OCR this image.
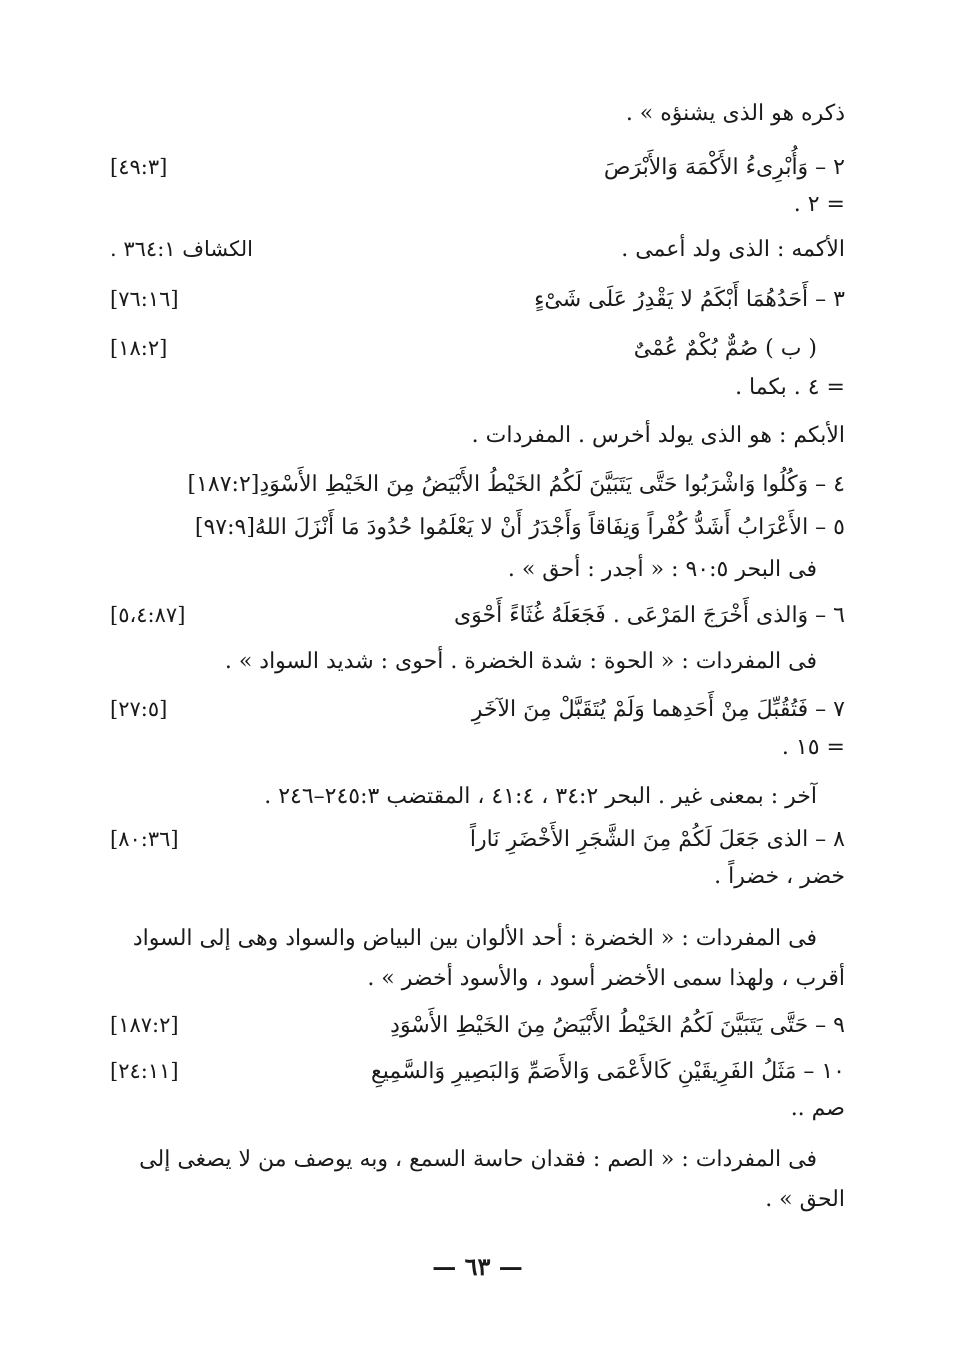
ذكره هو الذى يشنؤه » .
٢ – وَأُبْرِىءُ الأَكْمَهَ وَالأَبْرَصَ
[٤٩:٣]
= ٢ .
الأكمه : الذى ولد أعمى .
الكشاف ٣٦٤:١ .
٣ – أَحَدُهُمَا أَبْكَمُ لا يَقْدِرُ عَلَى شَىْءٍ
[٧٦:١٦]
( ب ) صُمٌّ بُكْمٌ عُمْىٌ
[١٨:٢]
= ٤ . بكما .
الأبكم : هو الذى يولد أخرس . المفردات .
٤ – وَكُلُوا وَاشْرَبُوا حَتَّى يَتَبَيَّنَ لَكُمُ الخَيْطُ الأَبْيَضُ مِنَ الخَيْطِ الأَسْوَدِ[١٨٧:٢]
٥ – الأَعْرَابُ أَشَدُّ كُفْراً وَنِفَاقاً وَأَجْدَرُ أَنْ لا يَعْلَمُوا حُدُودَ مَا أَنْزَلَ اللهُ[٩٧:٩]
فى البحر ٩٠:٥ : « أجدر : أحق » .
٦ – وَالذى أَخْرَجَ المَرْعَى . فَجَعَلَهُ غُثَاءً أَحْوَى
[٥،٤:٨٧]
فى المفردات : « الحوة : شدة الخضرة . أحوى : شديد السواد » .
٧ – فَتُقُبِّلَ مِنْ أَحَدِهما وَلَمْ يُتَقَبَّلْ مِنَ الآخَرِ
[٢٧:٥]
= ١٥ .
آخر : بمعنى غير . البحر ٣٤:٢ ، ٤١:٤ ، المقتضب ٢٤٥:٣–٢٤٦ .
٨ – الذى جَعَلَ لَكُمْ مِنَ الشَّجَرِ الأَخْضَرِ نَاراً
[٨٠:٣٦]
خضر ، خضراً .
فى المفردات : « الخضرة : أحد الألوان بين البياض والسواد وهى إلى السواد
أقرب ، ولهذا سمى الأخضر أسود ، والأسود أخضر » .
٩ – حَتَّى يَتَبَيَّنَ لَكُمُ الخَيْطُ الأَبْيَضُ مِنَ الخَيْطِ الأَسْوَدِ
[١٨٧:٢]
١٠ – مَثَلُ الفَرِيقَيْنِ كَالأَعْمَى وَالأَصَمِّ وَالبَصِيرِ وَالسَّمِيعِ
[٢٤:١١]
صم ..
فى المفردات : « الصم : فقدان حاسة السمع ، وبه يوصف من لا يصغى إلى
الحق » .
— ٦٣ —
